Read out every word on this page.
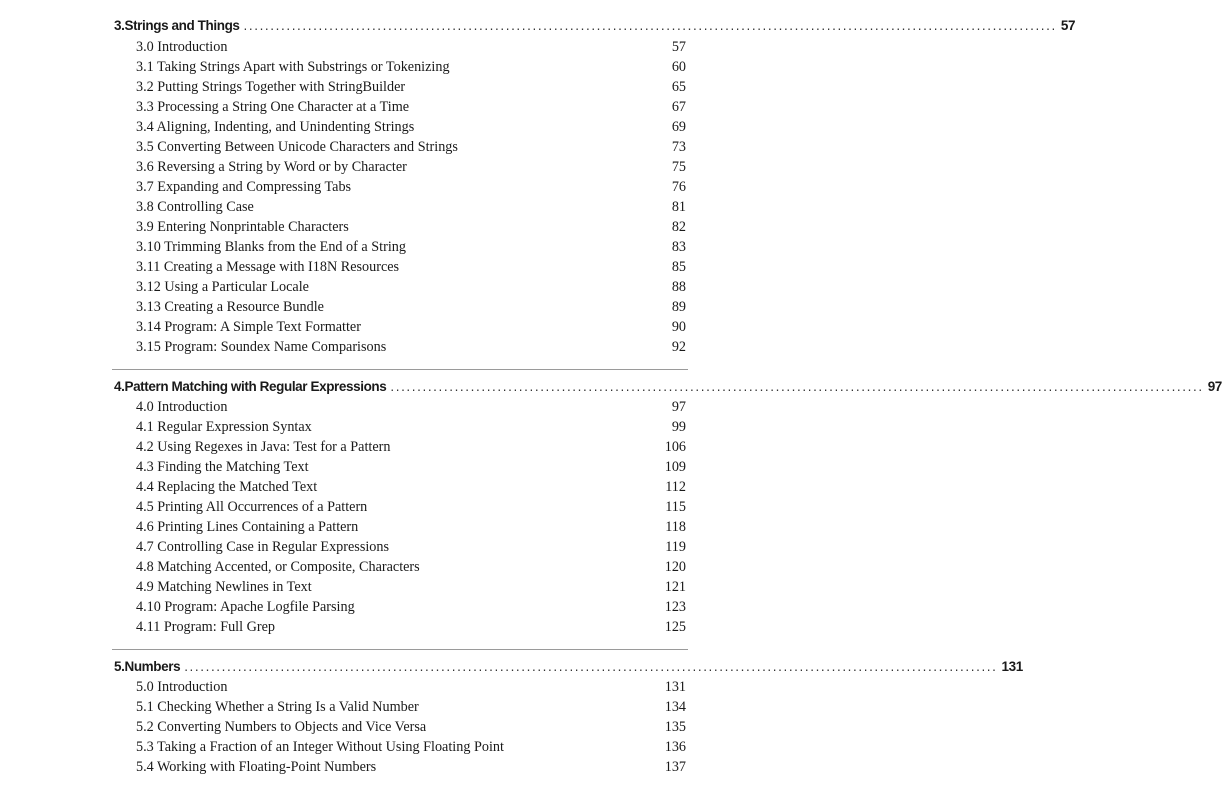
3. Strings and Things ........................................................................................................................................................ 57
3.0 Introduction	57
3.1 Taking Strings Apart with Substrings or Tokenizing	60
3.2 Putting Strings Together with StringBuilder	65
3.3 Processing a String One Character at a Time	67
3.4 Aligning, Indenting, and Unindenting Strings	69
3.5 Converting Between Unicode Characters and Strings	73
3.6 Reversing a String by Word or by Character	75
3.7 Expanding and Compressing Tabs	76
3.8 Controlling Case	81
3.9 Entering Nonprintable Characters	82
3.10 Trimming Blanks from the End of a String	83
3.11 Creating a Message with I18N Resources	85
3.12 Using a Particular Locale	88
3.13 Creating a Resource Bundle	89
3.14 Program: A Simple Text Formatter	90
3.15 Program: Soundex Name Comparisons	92
4. Pattern Matching with Regular Expressions ........................................................................................................................................................ 97
4.0 Introduction	97
4.1 Regular Expression Syntax	99
4.2 Using Regexes in Java: Test for a Pattern	106
4.3 Finding the Matching Text	109
4.4 Replacing the Matched Text	112
4.5 Printing All Occurrences of a Pattern	115
4.6 Printing Lines Containing a Pattern	118
4.7 Controlling Case in Regular Expressions	119
4.8 Matching Accented, or Composite, Characters	120
4.9 Matching Newlines in Text	121
4.10 Program: Apache Logfile Parsing	123
4.11 Program: Full Grep	125
5. Numbers ........................................................................................................................................................ 131
5.0 Introduction	131
5.1 Checking Whether a String Is a Valid Number	134
5.2 Converting Numbers to Objects and Vice Versa	135
5.3 Taking a Fraction of an Integer Without Using Floating Point	136
5.4 Working with Floating-Point Numbers	137
